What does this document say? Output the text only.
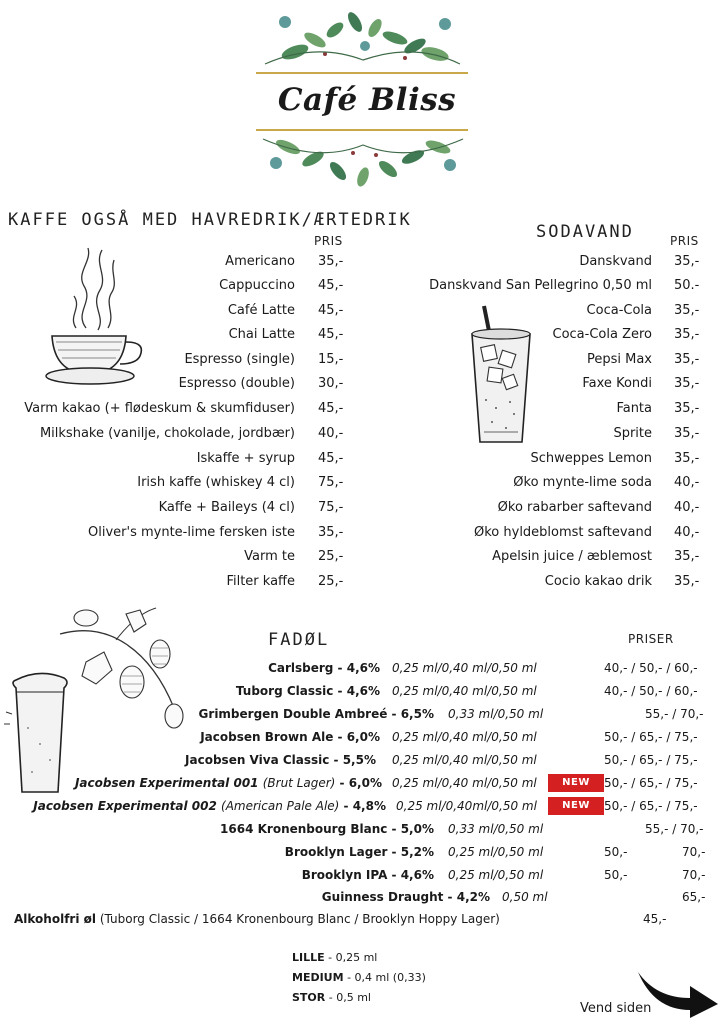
Café Bliss
KAFFE OGSÅ MED HAVREDRIK/ÆRTEDRIK
PRIS
Americano 35,-
Cappuccino 45,-
Café Latte 45,-
Chai Latte 45,-
Espresso (single) 15,-
Espresso (double) 30,-
Varm kakao (+ flødeskum & skumfiduser) 45,-
Milkshake (vanilje, chokolade, jordbær) 40,-
Iskaffe + syrup 45,-
Irish kaffe (whiskey 4 cl) 75,-
Kaffe + Baileys (4 cl) 75,-
Oliver's mynte-lime fersken iste 35,-
Varm te 25,-
Filter kaffe 25,-
SODAVAND	PRIS
Danskvand 35,-
Danskvand San Pellegrino 0,50 ml 50.-
Coca-Cola 35,-
Coca-Cola Zero 35,-
Pepsi Max 35,-
Faxe Kondi 35,-
Fanta 35,-
Sprite 35,-
Schweppes Lemon 35,-
Øko mynte-lime soda 40,-
Øko rabarber saftevand 40,-
Øko hyldeblomst saftevand 40,-
Apelsin juice / æblemost 35,-
Cocio kakao drik 35,-
FADØL	PRISER
Carlsberg - 4,6% 0,25 ml/0,40 ml/0,50 ml	40,- / 50,- / 60,-
Tuborg Classic - 4,6% 0,25 ml/0,40 ml/0,50 ml	40,- / 50,- / 60,-
Grimbergen Double Ambreé - 6,5% 0,33 ml/0,50 ml	55,- / 70,-
Jacobsen Brown Ale - 6,0% 0,25 ml/0,40 ml/0,50 ml	50,- / 65,- / 75,-
Jacobsen Viva Classic - 5,5% 0,25 ml/0,40 ml/0,50 ml	50,- / 65,- / 75,-
Jacobsen Experimental 001 (Brut Lager) - 6,0% 0,25 ml/0,40 ml/0,50 ml	NEW	50,- / 65,- / 75,-
Jacobsen Experimental 002 (American Pale Ale) - 4,8% 0,25 ml/0,40ml/0,50 ml	NEW	50,- / 65,- / 75,-
1664 Kronenbourg Blanc - 5,0% 0,33 ml/0,50 ml	55,- / 70,-
Brooklyn Lager - 5,2% 0,25 ml/0,50 ml	50,-	70,-
Brooklyn IPA - 4,6% 0,25 ml/0,50 ml	50,-	70,-
Guinness Draught - 4,2% 0,50 ml	65,-
Alkoholfri øl (Tuborg Classic / 1664 Kronenbourg Blanc / Brooklyn Hoppy Lager)	45,-
LILLE - 0,25 ml
MEDIUM - 0,4 ml (0,33)
STOR - 0,5 ml
Vend siden
